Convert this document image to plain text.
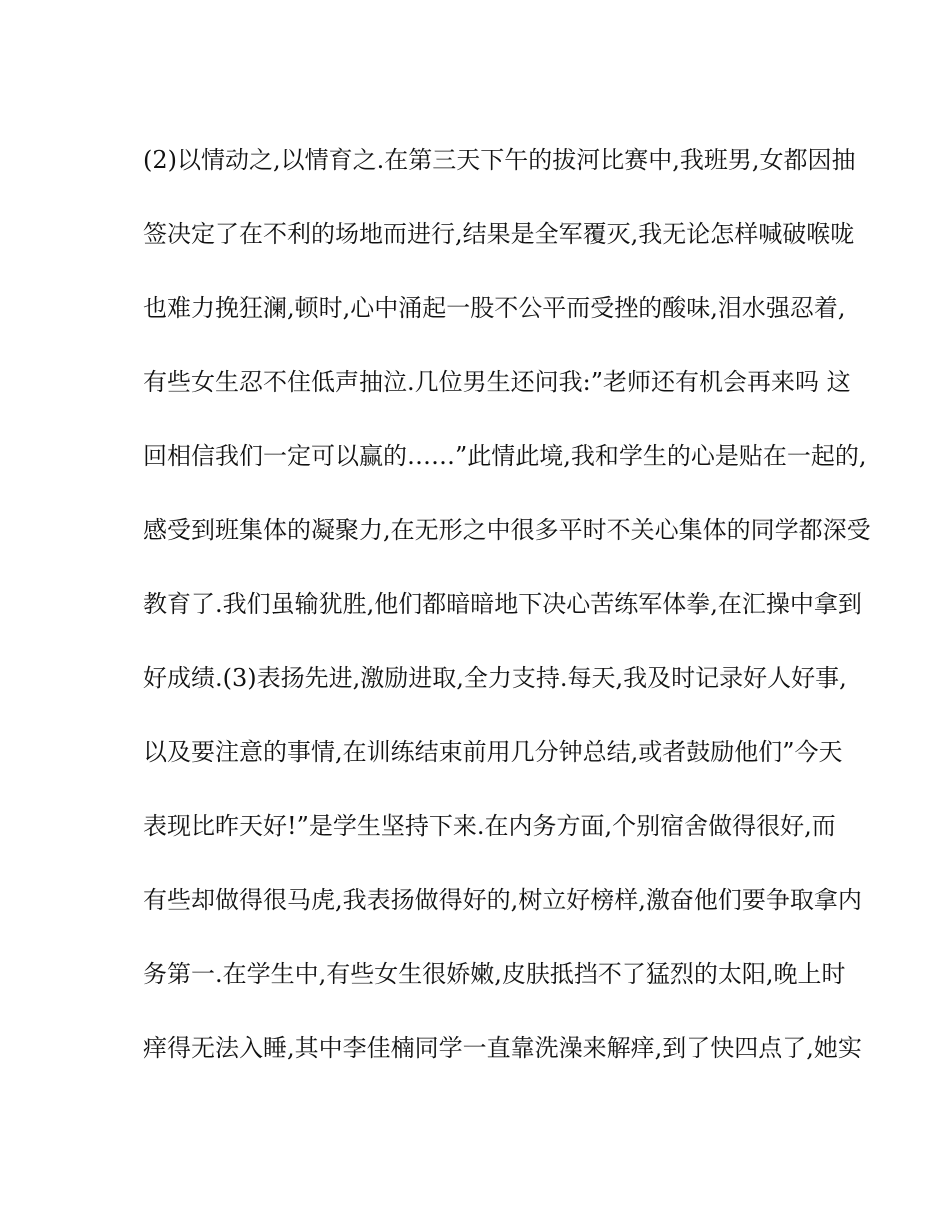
(2)以情动之,以情育之.在第三天下午的拔河比赛中,我班男,女都因抽
签决定了在不利的场地而进行,结果是全军覆灭,我无论怎样喊破喉咙
也难力挽狂澜,顿时,心中涌起一股不公平而受挫的酸味,泪水强忍着,
有些女生忍不住低声抽泣.几位男生还问我:”老师还有机会再来吗 这
回相信我们一定可以赢的……”此情此境,我和学生的心是贴在一起的,
感受到班集体的凝聚力,在无形之中很多平时不关心集体的同学都深受
教育了.我们虽输犹胜,他们都暗暗地下决心苦练军体拳,在汇操中拿到
好成绩.(3)表扬先进,激励进取,全力支持.每天,我及时记录好人好事,
以及要注意的事情,在训练结束前用几分钟总结,或者鼓励他们”今天
表现比昨天好!”是学生坚持下来.在内务方面,个别宿舍做得很好,而
有些却做得很马虎,我表扬做得好的,树立好榜样,激奋他们要争取拿内
务第一.在学生中,有些女生很娇嫩,皮肤抵挡不了猛烈的太阳,晚上时
痒得无法入睡,其中李佳楠同学一直靠洗澡来解痒,到了快四点了,她实
